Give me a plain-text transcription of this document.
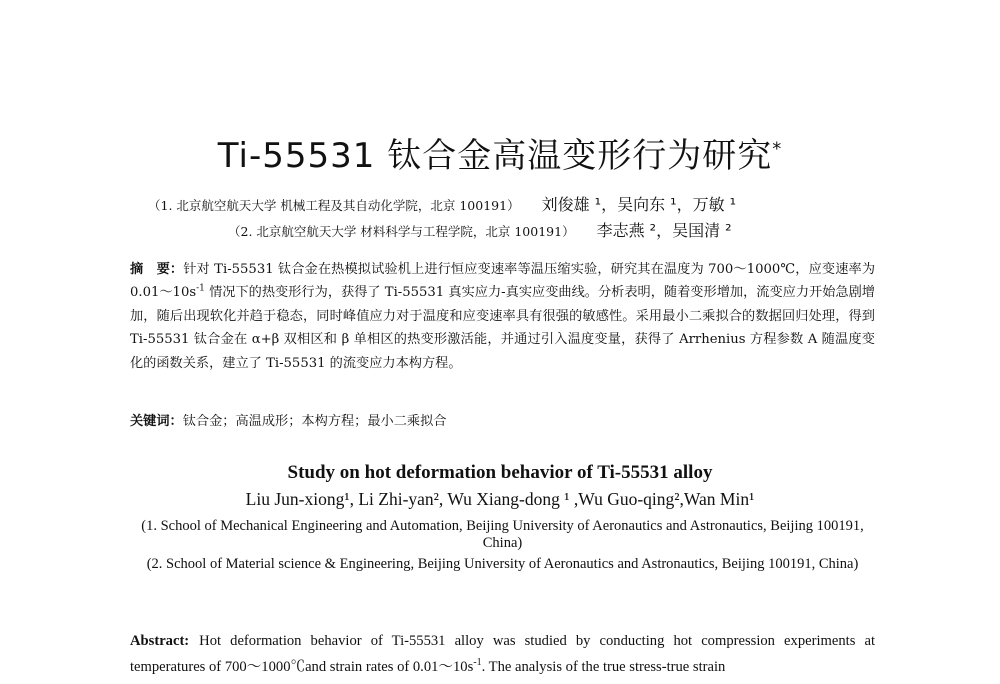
Ti-55531 钛合金高温变形行为研究*
（1. 北京航空航天大学 机械工程及其自动化学院，北京 100191） 刘俊雄 ¹，吴向东 ¹，万敏 ¹
（2. 北京航空航天大学 材料科学与工程学院，北京 100191） 李志燕 ²，吴国清 ²
摘　要：针对 Ti-55531 钛合金在热模拟试验机上进行恒应变速率等温压缩实验，研究其在温度为 700～1000℃，应变速率为 $0.01\sim 10s^{-1}$ 情况下的热变形行为，获得了 Ti-55531 真实应力-真实应变曲线。分析表明，随着变形增加，流变应力开始急剧增加，随后出现软化并趋于稳态，同时峰值应力对于温度和应变速率具有很强的敏感性。采用最小二乘拟合的数据回归处理，得到 Ti-55531 钛合金在 α+β 双相区和 β 单相区的热变形激活能，并通过引入温度变量，获得了 Arrhenius 方程参数 A 随温度变化的函数关系，建立了 Ti-55531 的流变应力本构方程。
关键词：钛合金；高温成形；本构方程；最小二乘拟合
Study on hot deformation behavior of Ti-55531 alloy
Liu Jun-xiong¹, Li Zhi-yan², Wu Xiang-dong ¹ ,Wu Guo-qing²,Wan Min¹
(1. School of Mechanical Engineering and Automation, Beijing University of Aeronautics and Astronautics, Beijing 100191, China)
(2. School of Material science & Engineering, Beijing University of Aeronautics and Astronautics, Beijing 100191, China)
Abstract: Hot deformation behavior of Ti-55531 alloy was studied by conducting hot compression experiments at temperatures of 700～1000℃and strain rates of $0.01\sim 10s^{-1}$. The analysis of the true stress-true strain
